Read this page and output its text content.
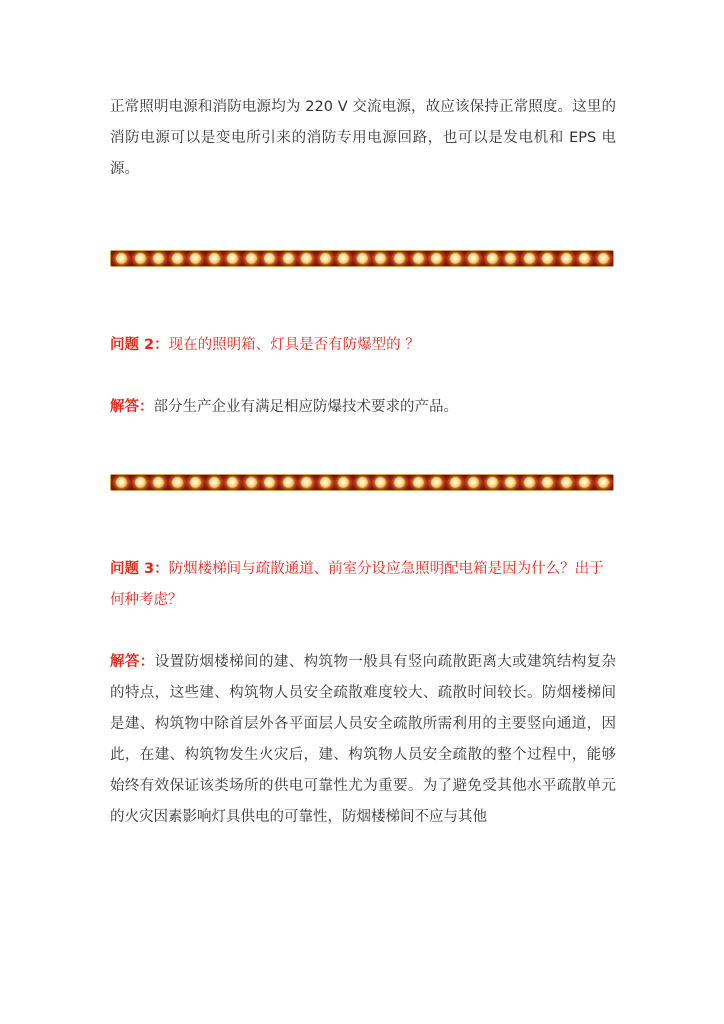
正常照明电源和消防电源均为 220 V 交流电源，故应该保持正常照度。这里的消防电源可以是变电所引来的消防专用电源回路，也可以是发电机和 EPS 电源。

问题 2：现在的照明箱、灯具是否有防爆型的 ？

解答：部分生产企业有满足相应防爆技术要求的产品。

问题 3：防烟楼梯间与疏散通道、前室分设应急照明配电箱是因为什么？出于何种考虑？

解答：设置防烟楼梯间的建、构筑物一般具有竖向疏散距离大或建筑结构复杂的特点，这些建、构筑物人员安全疏散难度较大、疏散时间较长。防烟楼梯间是建、构筑物中除首层外各平面层人员安全疏散所需利用的主要竖向通道，因此，在建、构筑物发生火灾后，建、构筑物人员安全疏散的整个过程中，能够始终有效保证该类场所的供电可靠性尤为重要。为了避免受其他水平疏散单元的火灾因素影响灯具供电的可靠性，防烟楼梯间不应与其他
